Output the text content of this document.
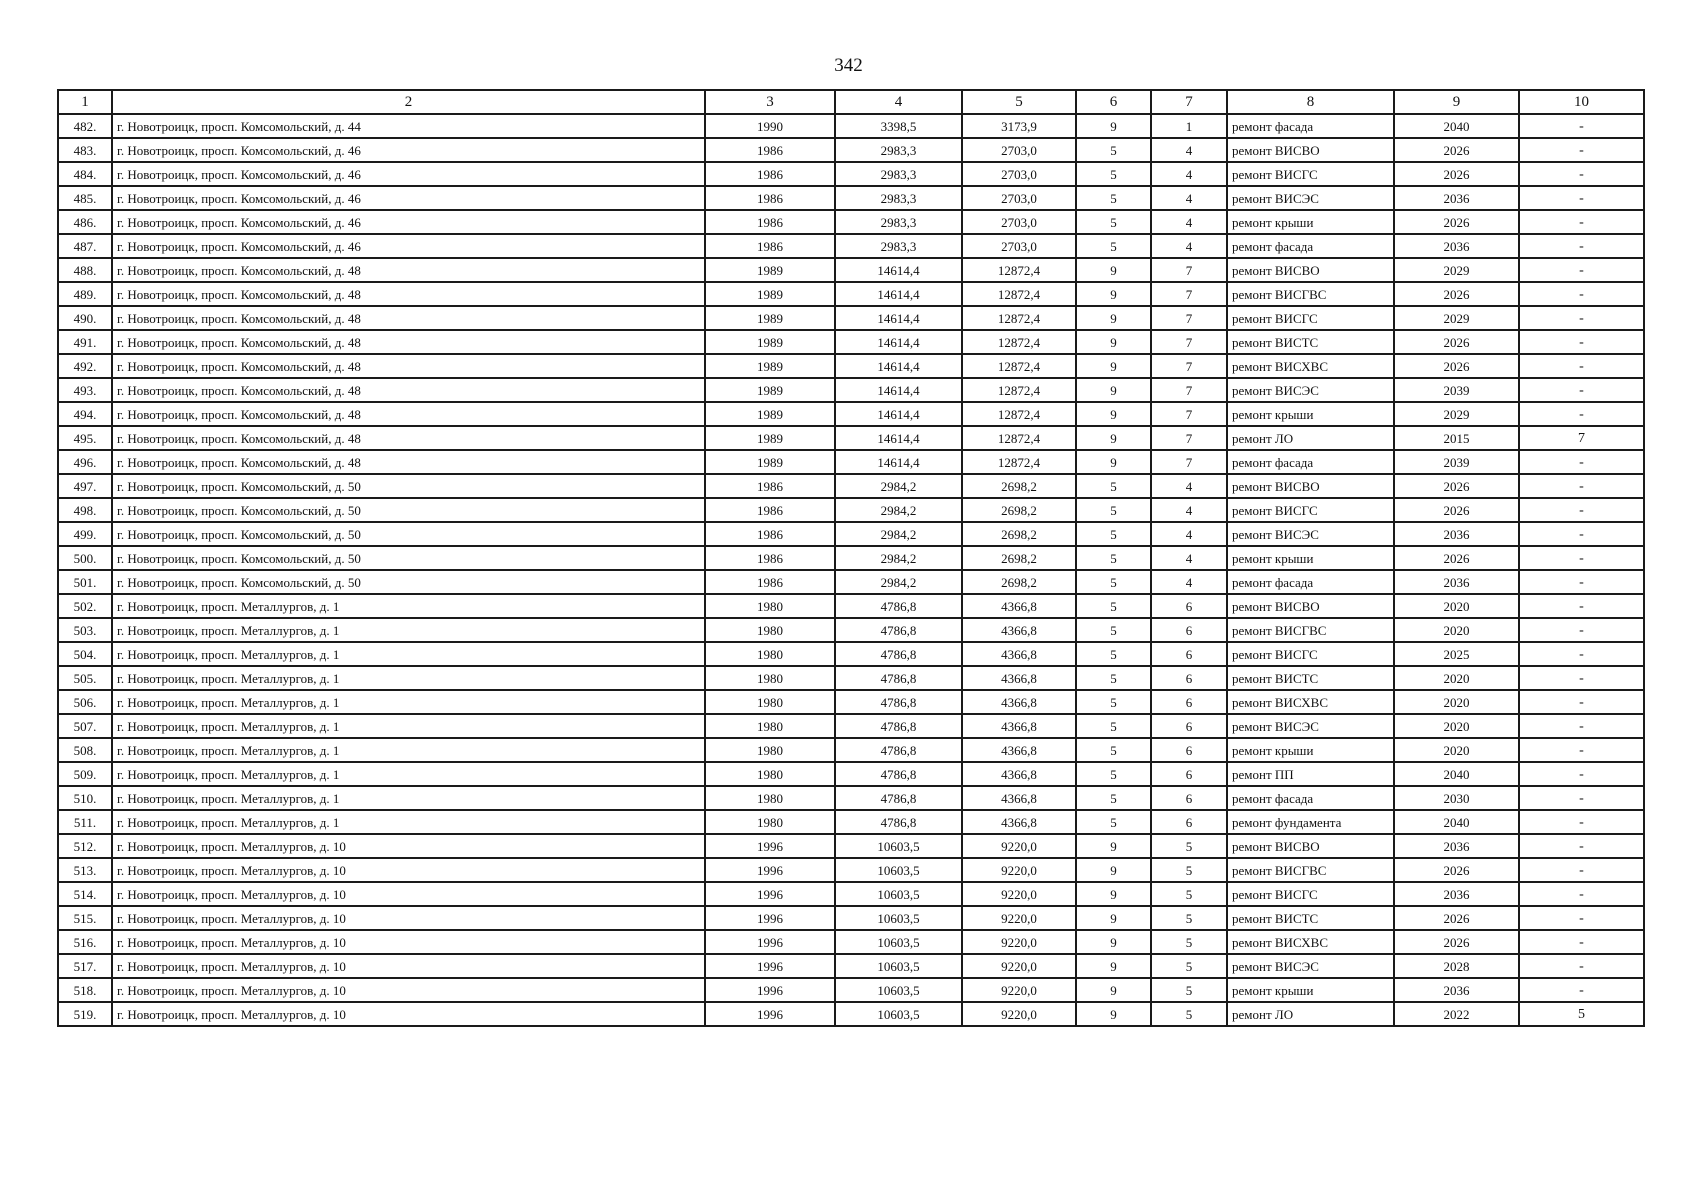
342
1	2	3	4	5	6	7	8	9	10
482.	г. Новотроицк, просп. Комсомольский, д. 44	1990	3398,5	3173,9	9	1	ремонт фасада	2040	-
483.	г. Новотроицк, просп. Комсомольский, д. 46	1986	2983,3	2703,0	5	4	ремонт ВИСВО	2026	-
484.	г. Новотроицк, просп. Комсомольский, д. 46	1986	2983,3	2703,0	5	4	ремонт ВИСГС	2026	-
485.	г. Новотроицк, просп. Комсомольский, д. 46	1986	2983,3	2703,0	5	4	ремонт ВИСЭС	2036	-
486.	г. Новотроицк, просп. Комсомольский, д. 46	1986	2983,3	2703,0	5	4	ремонт крыши	2026	-
487.	г. Новотроицк, просп. Комсомольский, д. 46	1986	2983,3	2703,0	5	4	ремонт фасада	2036	-
488.	г. Новотроицк, просп. Комсомольский, д. 48	1989	14614,4	12872,4	9	7	ремонт ВИСВО	2029	-
489.	г. Новотроицк, просп. Комсомольский, д. 48	1989	14614,4	12872,4	9	7	ремонт ВИСГВС	2026	-
490.	г. Новотроицк, просп. Комсомольский, д. 48	1989	14614,4	12872,4	9	7	ремонт ВИСГС	2029	-
491.	г. Новотроицк, просп. Комсомольский, д. 48	1989	14614,4	12872,4	9	7	ремонт ВИСТС	2026	-
492.	г. Новотроицк, просп. Комсомольский, д. 48	1989	14614,4	12872,4	9	7	ремонт ВИСХВС	2026	-
493.	г. Новотроицк, просп. Комсомольский, д. 48	1989	14614,4	12872,4	9	7	ремонт ВИСЭС	2039	-
494.	г. Новотроицк, просп. Комсомольский, д. 48	1989	14614,4	12872,4	9	7	ремонт крыши	2029	-
495.	г. Новотроицк, просп. Комсомольский, д. 48	1989	14614,4	12872,4	9	7	ремонт ЛО	2015	7
496.	г. Новотроицк, просп. Комсомольский, д. 48	1989	14614,4	12872,4	9	7	ремонт фасада	2039	-
497.	г. Новотроицк, просп. Комсомольский, д. 50	1986	2984,2	2698,2	5	4	ремонт ВИСВО	2026	-
498.	г. Новотроицк, просп. Комсомольский, д. 50	1986	2984,2	2698,2	5	4	ремонт ВИСГС	2026	-
499.	г. Новотроицк, просп. Комсомольский, д. 50	1986	2984,2	2698,2	5	4	ремонт ВИСЭС	2036	-
500.	г. Новотроицк, просп. Комсомольский, д. 50	1986	2984,2	2698,2	5	4	ремонт крыши	2026	-
501.	г. Новотроицк, просп. Комсомольский, д. 50	1986	2984,2	2698,2	5	4	ремонт фасада	2036	-
502.	г. Новотроицк, просп. Металлургов, д. 1	1980	4786,8	4366,8	5	6	ремонт ВИСВО	2020	-
503.	г. Новотроицк, просп. Металлургов, д. 1	1980	4786,8	4366,8	5	6	ремонт ВИСГВС	2020	-
504.	г. Новотроицк, просп. Металлургов, д. 1	1980	4786,8	4366,8	5	6	ремонт ВИСГС	2025	-
505.	г. Новотроицк, просп. Металлургов, д. 1	1980	4786,8	4366,8	5	6	ремонт ВИСТС	2020	-
506.	г. Новотроицк, просп. Металлургов, д. 1	1980	4786,8	4366,8	5	6	ремонт ВИСХВС	2020	-
507.	г. Новотроицк, просп. Металлургов, д. 1	1980	4786,8	4366,8	5	6	ремонт ВИСЭС	2020	-
508.	г. Новотроицк, просп. Металлургов, д. 1	1980	4786,8	4366,8	5	6	ремонт крыши	2020	-
509.	г. Новотроицк, просп. Металлургов, д. 1	1980	4786,8	4366,8	5	6	ремонт ПП	2040	-
510.	г. Новотроицк, просп. Металлургов, д. 1	1980	4786,8	4366,8	5	6	ремонт фасада	2030	-
511.	г. Новотроицк, просп. Металлургов, д. 1	1980	4786,8	4366,8	5	6	ремонт фундамента	2040	-
512.	г. Новотроицк, просп. Металлургов, д. 10	1996	10603,5	9220,0	9	5	ремонт ВИСВО	2036	-
513.	г. Новотроицк, просп. Металлургов, д. 10	1996	10603,5	9220,0	9	5	ремонт ВИСГВС	2026	-
514.	г. Новотроицк, просп. Металлургов, д. 10	1996	10603,5	9220,0	9	5	ремонт ВИСГС	2036	-
515.	г. Новотроицк, просп. Металлургов, д. 10	1996	10603,5	9220,0	9	5	ремонт ВИСТС	2026	-
516.	г. Новотроицк, просп. Металлургов, д. 10	1996	10603,5	9220,0	9	5	ремонт ВИСХВС	2026	-
517.	г. Новотроицк, просп. Металлургов, д. 10	1996	10603,5	9220,0	9	5	ремонт ВИСЭС	2028	-
518.	г. Новотроицк, просп. Металлургов, д. 10	1996	10603,5	9220,0	9	5	ремонт крыши	2036	-
519.	г. Новотроицк, просп. Металлургов, д. 10	1996	10603,5	9220,0	9	5	ремонт ЛО	2022	5
